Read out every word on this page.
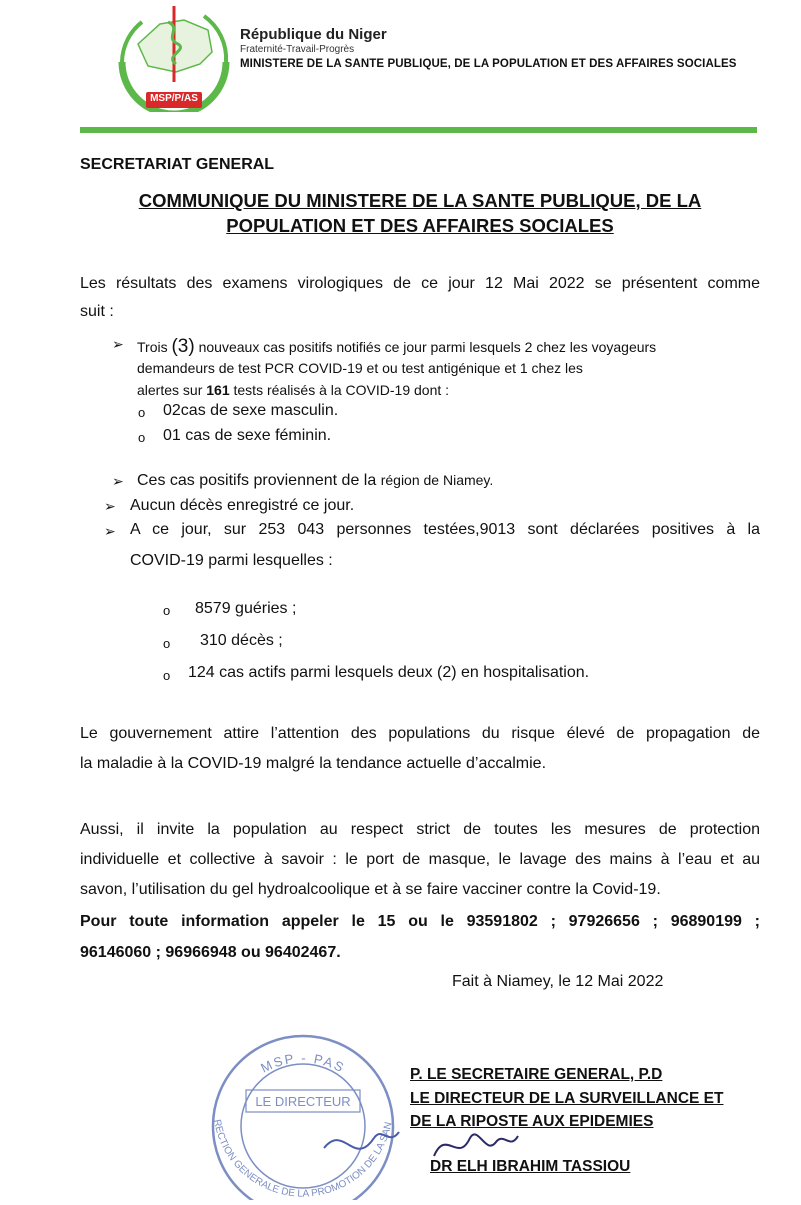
MSP/P/AS
République du Niger
Fraternité-Travail-Progrès
MINISTERE DE LA SANTE PUBLIQUE, DE LA POPULATION ET DES AFFAIRES SOCIALES
SECRETARIAT GENERAL
COMMUNIQUE DU MINISTERE DE LA SANTE PUBLIQUE, DE LA
POPULATION ET DES AFFAIRES SOCIALES
Les résultats des examens virologiques de ce jour 12 Mai 2022 se présentent comme
suit :
➢ Trois (3) nouveaux cas positifs notifiés ce jour parmi lesquels 2 chez les voyageurs
demandeurs de test PCR COVID-19 et ou test antigénique et 1 chez les
alertes sur 161 tests réalisés à la COVID-19 dont :
o 02cas de sexe masculin.
o 01 cas de sexe féminin.
➢ Ces cas positifs proviennent de la région de Niamey.
➢ Aucun décès enregistré ce jour.
➢ A ce jour, sur 253 043 personnes testées,9013 sont déclarées positives à la
COVID-19 parmi lesquelles :
o 8579 guéries ;
o 310 décès ;
o 124 cas actifs parmi lesquels deux (2) en hospitalisation.
Le gouvernement attire l’attention des populations du risque élevé de propagation de
la maladie à la COVID-19 malgré la tendance actuelle d’accalmie.
Aussi, il invite la population au respect strict de toutes les mesures de protection
individuelle et collective à savoir : le port de masque, le lavage des mains à l’eau et au
savon, l’utilisation du gel hydroalcoolique et à se faire vacciner contre la Covid-19.
Pour toute information appeler le 15 ou le 93591802 ; 97926656 ; 96890199 ;
96146060 ; 96966948 ou 96402467.
Fait à Niamey, le 12 Mai 2022
MSP - PAS
RECTION GENERALE DE LA PROMOTION DE LA SAN
LE DIRECTEUR
P. LE SECRETAIRE GENERAL, P.D
LE DIRECTEUR DE LA SURVEILLANCE ET
DE LA RIPOSTE AUX EPIDEMIES
DR ELH IBRAHIM TASSIOU
